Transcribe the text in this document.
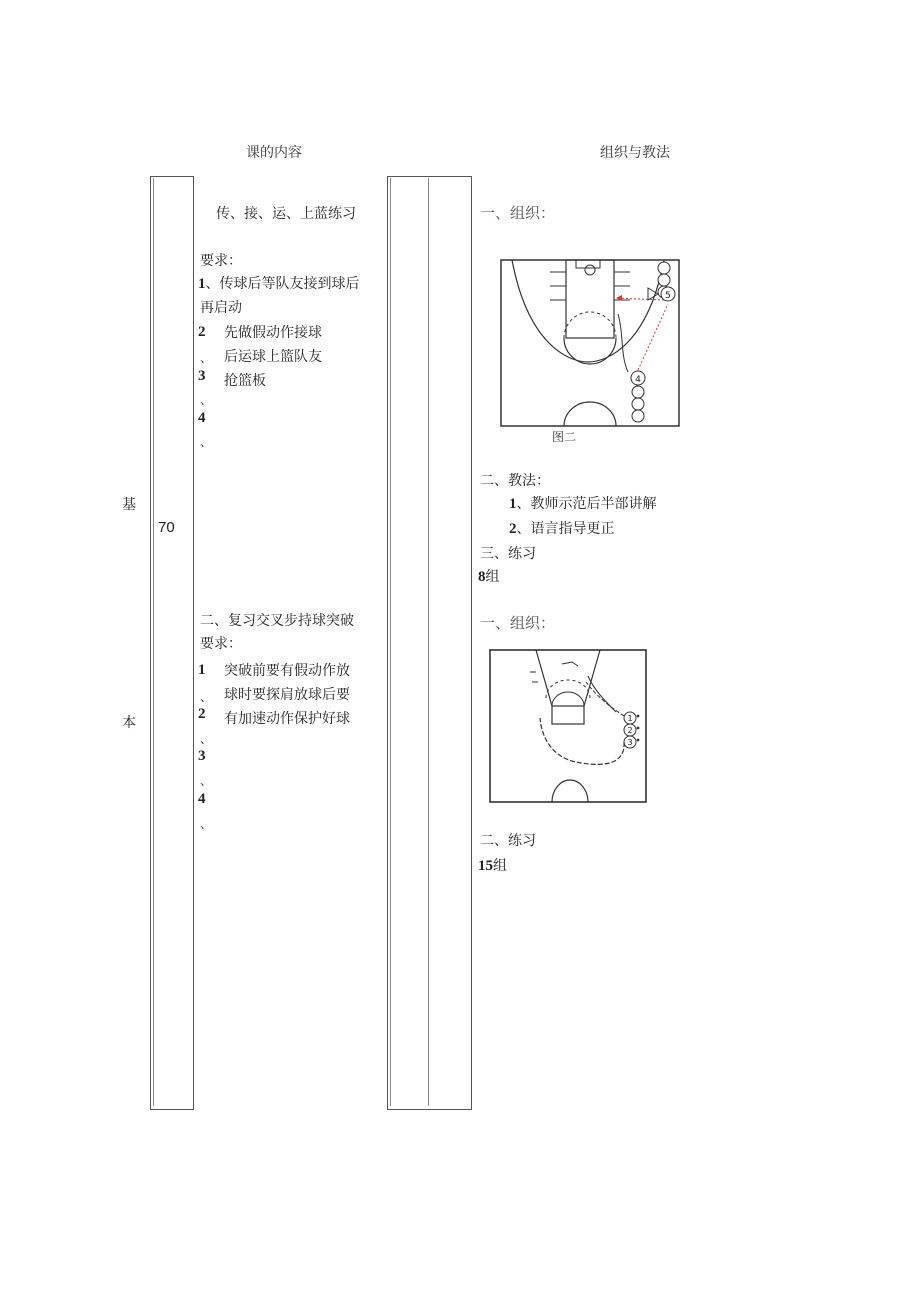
课的内容	组织与教法
基
本
70
传、接、运、上蓝练习
要求：
1、传球后等队友接到球后
再启动
2 先做假动作接球
、 后运球上篮队友
3 抢篮板
、
4
、
二、复习交叉步持球突破
要求：
1 突破前要有假动作放
、 球时要探肩放球后要
2 有加速动作保护好球
、
3
、
4
、
一、组织：
5
4
图二
二、教法：
1、教师示范后半部讲解
2、语言指导更正
三、练习
8组
一、组织：
1
2
3
二、练习
15组
